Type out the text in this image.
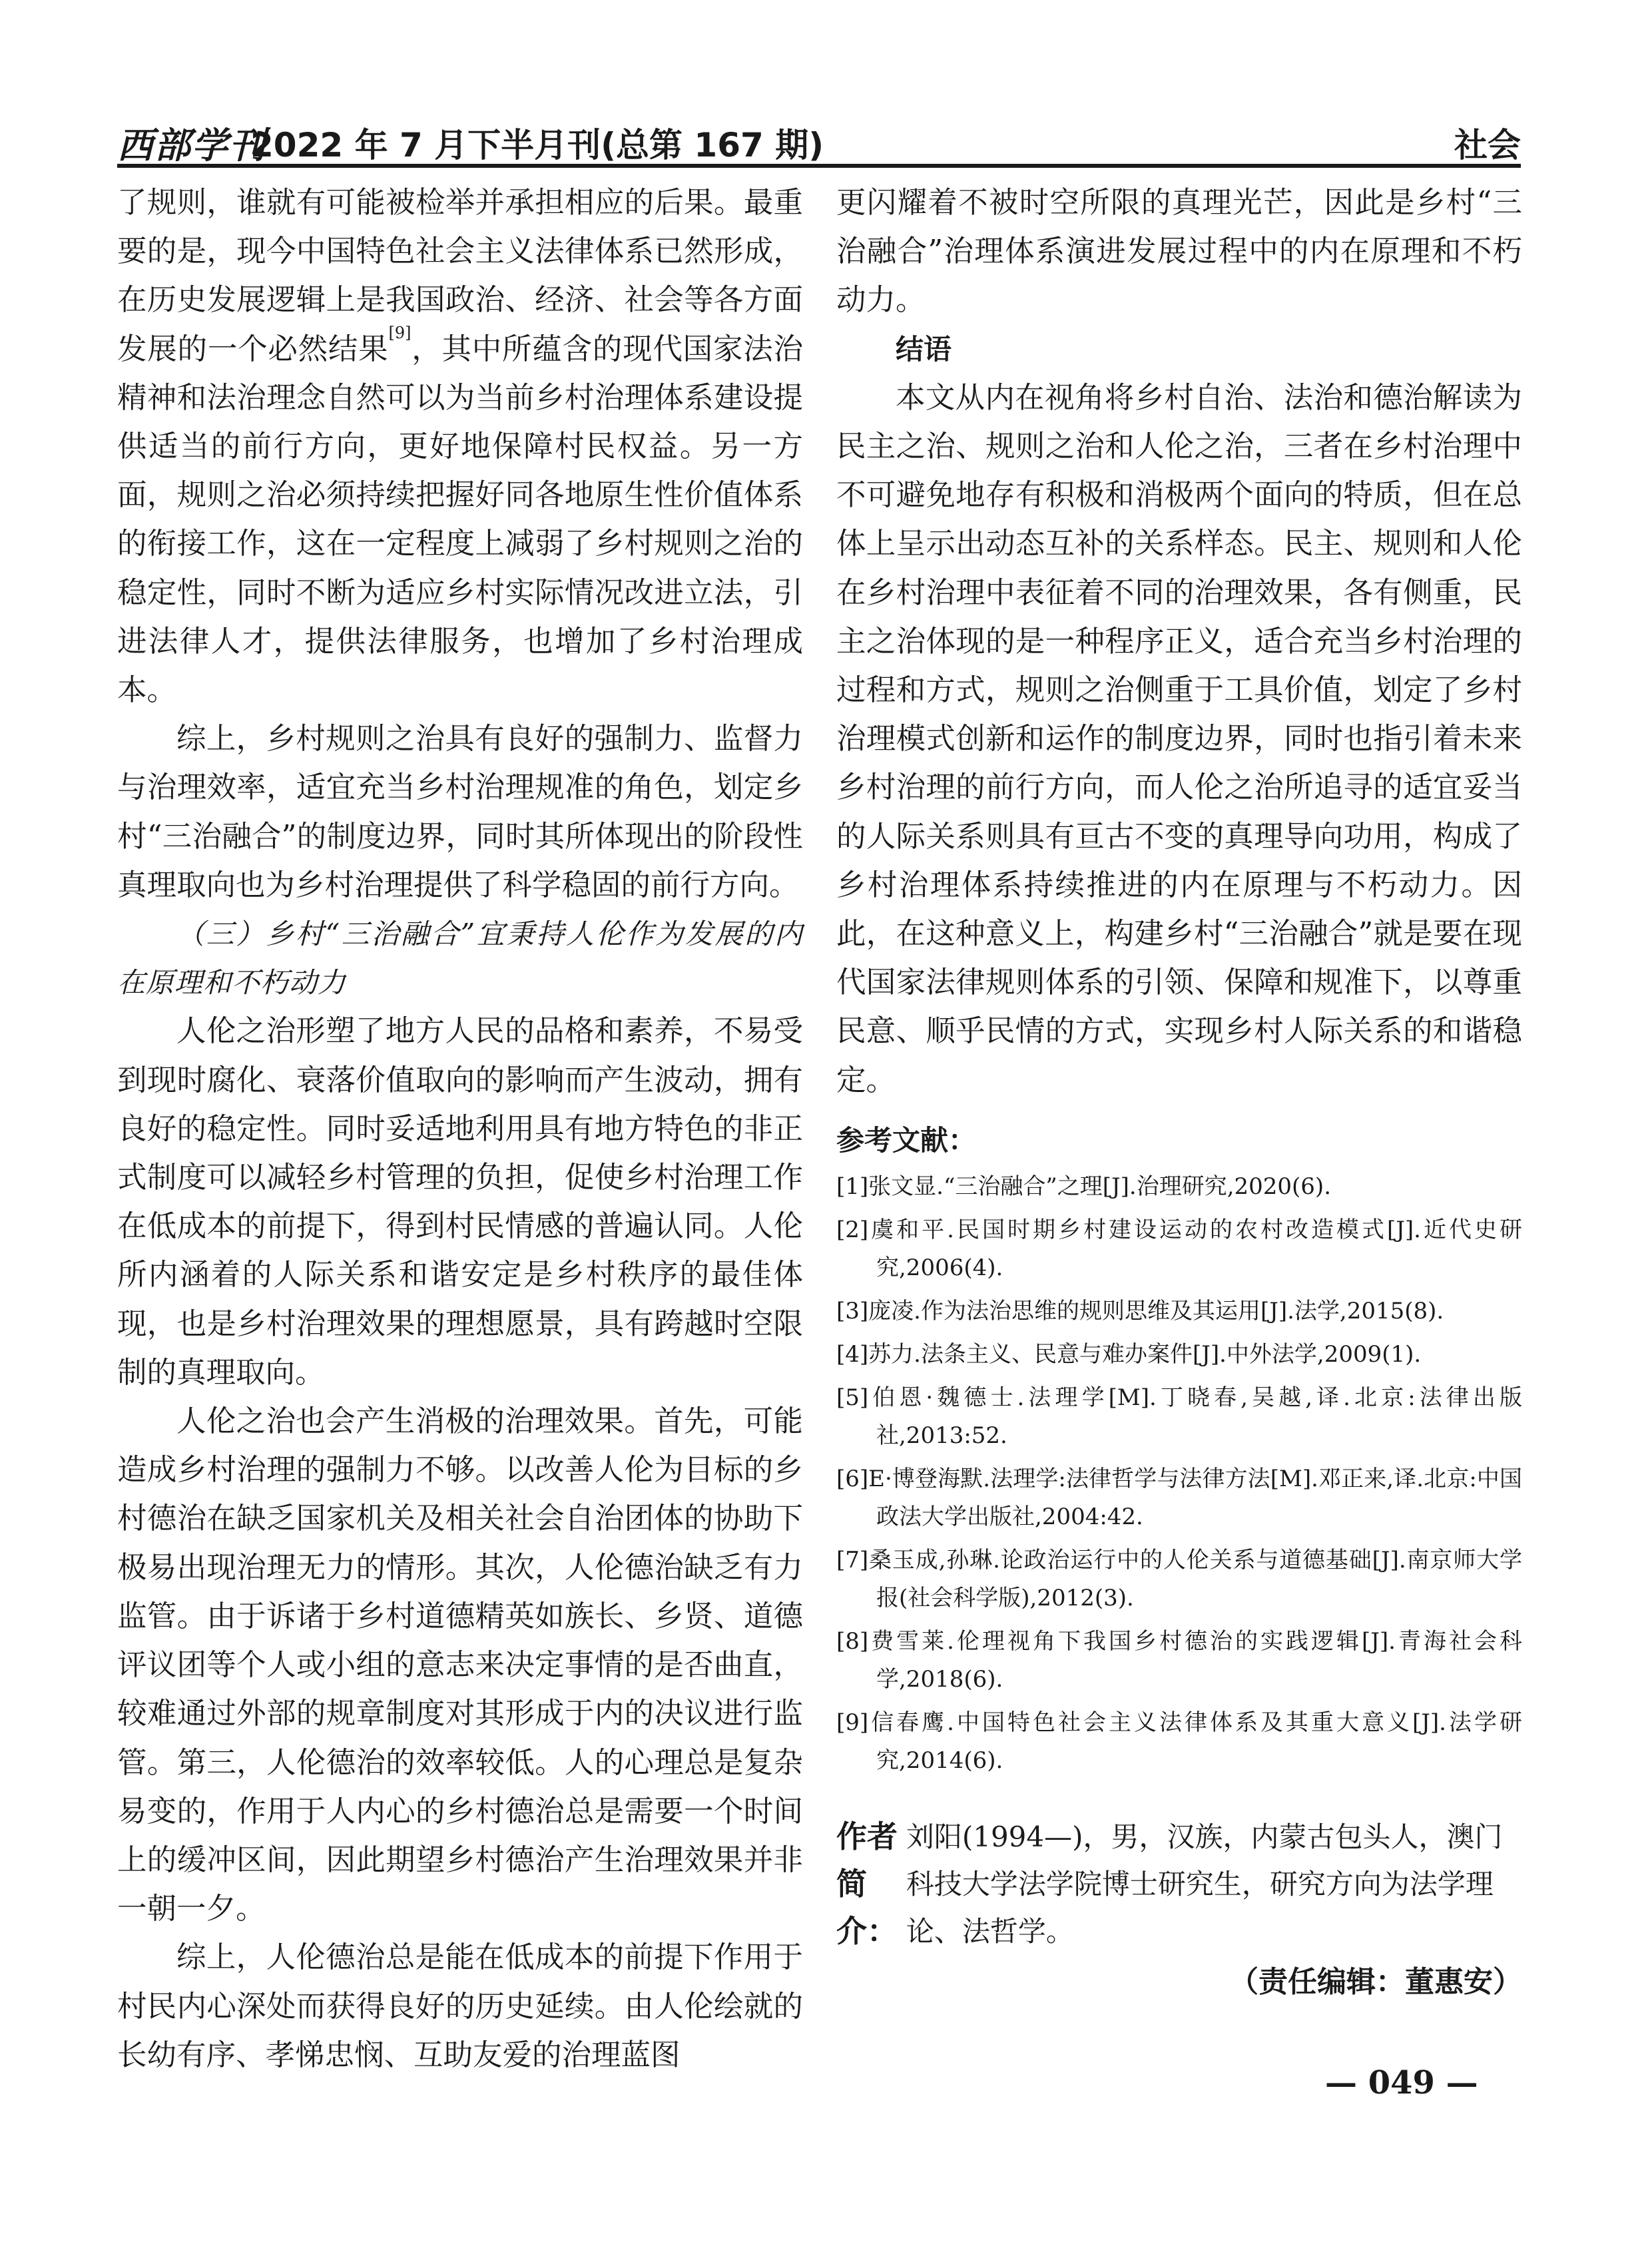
西部学刊
2022 年 7 月下半月刊(总第 167 期)	社会

了规则，谁就有可能被检举并承担相应的后果。最重要的是，现今中国特色社会主义法律体系已然形成，在历史发展逻辑上是我国政治、经济、社会等各方面发展的一个必然结果[9]，其中所蕴含的现代国家法治精神和法治理念自然可以为当前乡村治理体系建设提供适当的前行方向，更好地保障村民权益。另一方面，规则之治必须持续把握好同各地原生性价值体系的衔接工作，这在一定程度上减弱了乡村规则之治的稳定性，同时不断为适应乡村实际情况改进立法，引进法律人才，提供法律服务，也增加了乡村治理成本。

综上，乡村规则之治具有良好的强制力、监督力与治理效率，适宜充当乡村治理规准的角色，划定乡村“三治融合”的制度边界，同时其所体现出的阶段性真理取向也为乡村治理提供了科学稳固的前行方向。

（三）乡村“三治融合”宜秉持人伦作为发展的内在原理和不朽动力

人伦之治形塑了地方人民的品格和素养，不易受到现时腐化、衰落价值取向的影响而产生波动，拥有良好的稳定性。同时妥适地利用具有地方特色的非正式制度可以减轻乡村管理的负担，促使乡村治理工作在低成本的前提下，得到村民情感的普遍认同。人伦所内涵着的人际关系和谐安定是乡村秩序的最佳体现，也是乡村治理效果的理想愿景，具有跨越时空限制的真理取向。

人伦之治也会产生消极的治理效果。首先，可能造成乡村治理的强制力不够。以改善人伦为目标的乡村德治在缺乏国家机关及相关社会自治团体的协助下极易出现治理无力的情形。其次，人伦德治缺乏有力监管。由于诉诸于乡村道德精英如族长、乡贤、道德评议团等个人或小组的意志来决定事情的是否曲直，较难通过外部的规章制度对其形成于内的决议进行监管。第三，人伦德治的效率较低。人的心理总是复杂易变的，作用于人内心的乡村德治总是需要一个时间上的缓冲区间，因此期望乡村德治产生治理效果并非一朝一夕。

综上，人伦德治总是能在低成本的前提下作用于村民内心深处而获得良好的历史延续。由人伦绘就的长幼有序、孝悌忠悯、互助友爱的治理蓝图

更闪耀着不被时空所限的真理光芒，因此是乡村“三治融合”治理体系演进发展过程中的内在原理和不朽动力。

结语

本文从内在视角将乡村自治、法治和德治解读为民主之治、规则之治和人伦之治，三者在乡村治理中不可避免地存有积极和消极两个面向的特质，但在总体上呈示出动态互补的关系样态。民主、规则和人伦在乡村治理中表征着不同的治理效果，各有侧重，民主之治体现的是一种程序正义，适合充当乡村治理的过程和方式，规则之治侧重于工具价值，划定了乡村治理模式创新和运作的制度边界，同时也指引着未来乡村治理的前行方向，而人伦之治所追寻的适宜妥当的人际关系则具有亘古不变的真理导向功用，构成了乡村治理体系持续推进的内在原理与不朽动力。因此，在这种意义上，构建乡村“三治融合”就是要在现代国家法律规则体系的引领、保障和规准下，以尊重民意、顺乎民情的方式，实现乡村人际关系的和谐稳定。

参考文献：

[1]张文显.“三治融合”之理[J].治理研究,2020(6).

[2]虞和平.民国时期乡村建设运动的农村改造模式[J].近代史研究,2006(4).

[3]庞凌.作为法治思维的规则思维及其运用[J].法学,2015(8).

[4]苏力.法条主义、民意与难办案件[J].中外法学,2009(1).

[5]伯恩·魏德士.法理学[M].丁晓春,吴越,译.北京:法律出版社,2013:52.

[6]E·博登海默.法理学:法律哲学与法律方法[M].邓正来,译.北京:中国政法大学出版社,2004:42.

[7]桑玉成,孙琳.论政治运行中的人伦关系与道德基础[J].南京师大学报(社会科学版),2012(3).

[8]费雪莱.伦理视角下我国乡村德治的实践逻辑[J].青海社会科学,2018(6).

[9]信春鹰.中国特色社会主义法律体系及其重大意义[J].法学研究,2014(6).

作者简介：
刘阳(1994—)，男，汉族，内蒙古包头人，澳门科技大学法学院博士研究生，研究方向为法学理论、法哲学。
（责任编辑：董惠安）
— 049 —
